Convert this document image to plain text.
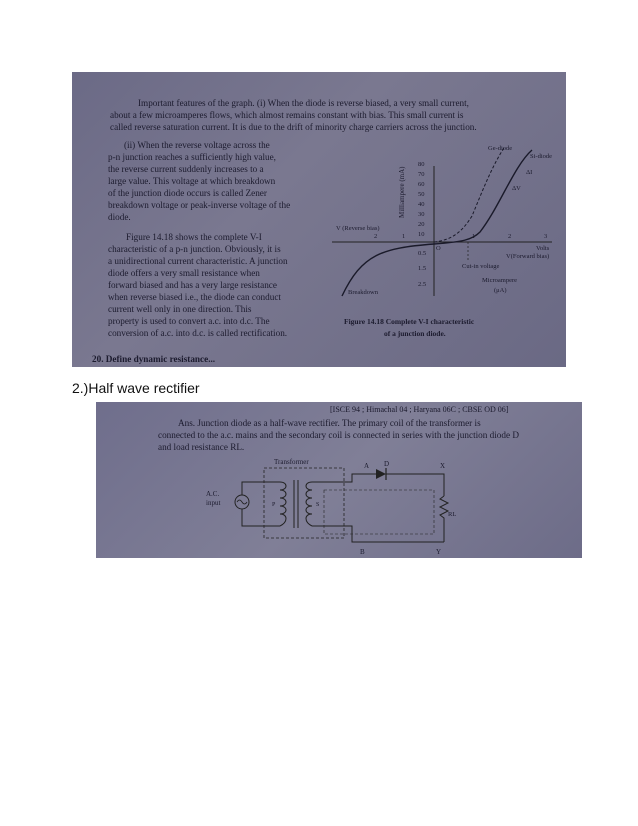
Important features of the graph. (i) When the diode is reverse biased, a very small current,
about a few microamperes flows, which almost remains constant with bias. This small current is
called reverse saturation current. It is due to the drift of minority charge carriers across the junction.
(ii) When the reverse voltage across the
p-n junction reaches a sufficiently high value,
the reverse current suddenly increases to a
large value. This voltage at which breakdown
of the junction diode occurs is called Zener
breakdown voltage or peak-inverse voltage of the
diode.
Figure 14.18 shows the complete V-I
characteristic of a p-n junction. Obviously, it is
a unidirectional current characteristic. A junction
diode offers a very small resistance when
forward biased and has a very large resistance
when reverse biased i.e., the diode can conduct
current well only in one direction. This
property is used to convert a.c. into d.c. The
conversion of a.c. into d.c. is called rectification.
20. Define dynamic resistance...
Milliampere (mA)
80
70
60
50
40
30
20
10
0.5
1.5
2.5
1	2	3
2	1
O
V (Reverse bias)
Volts
V(Forward bias)
Cut-in voltage
Breakdown
Microampere
(μA)
Ge-diode
Si-diode
ΔI
ΔV
Figure 14.18 Complete V-I characteristic
of a junction diode.
2.)Half wave rectifier
[ISCE 94 ; Himachal 04 ; Haryana 06C ; CBSE OD 06]
Ans. Junction diode as a half-wave rectifier. The primary coil of the transformer is
connected to the a.c. mains and the secondary coil is connected in series with the junction diode D
and load resistance RL.
Transformer
A.C.
input	P	S
A D	X
RL
B	Y
